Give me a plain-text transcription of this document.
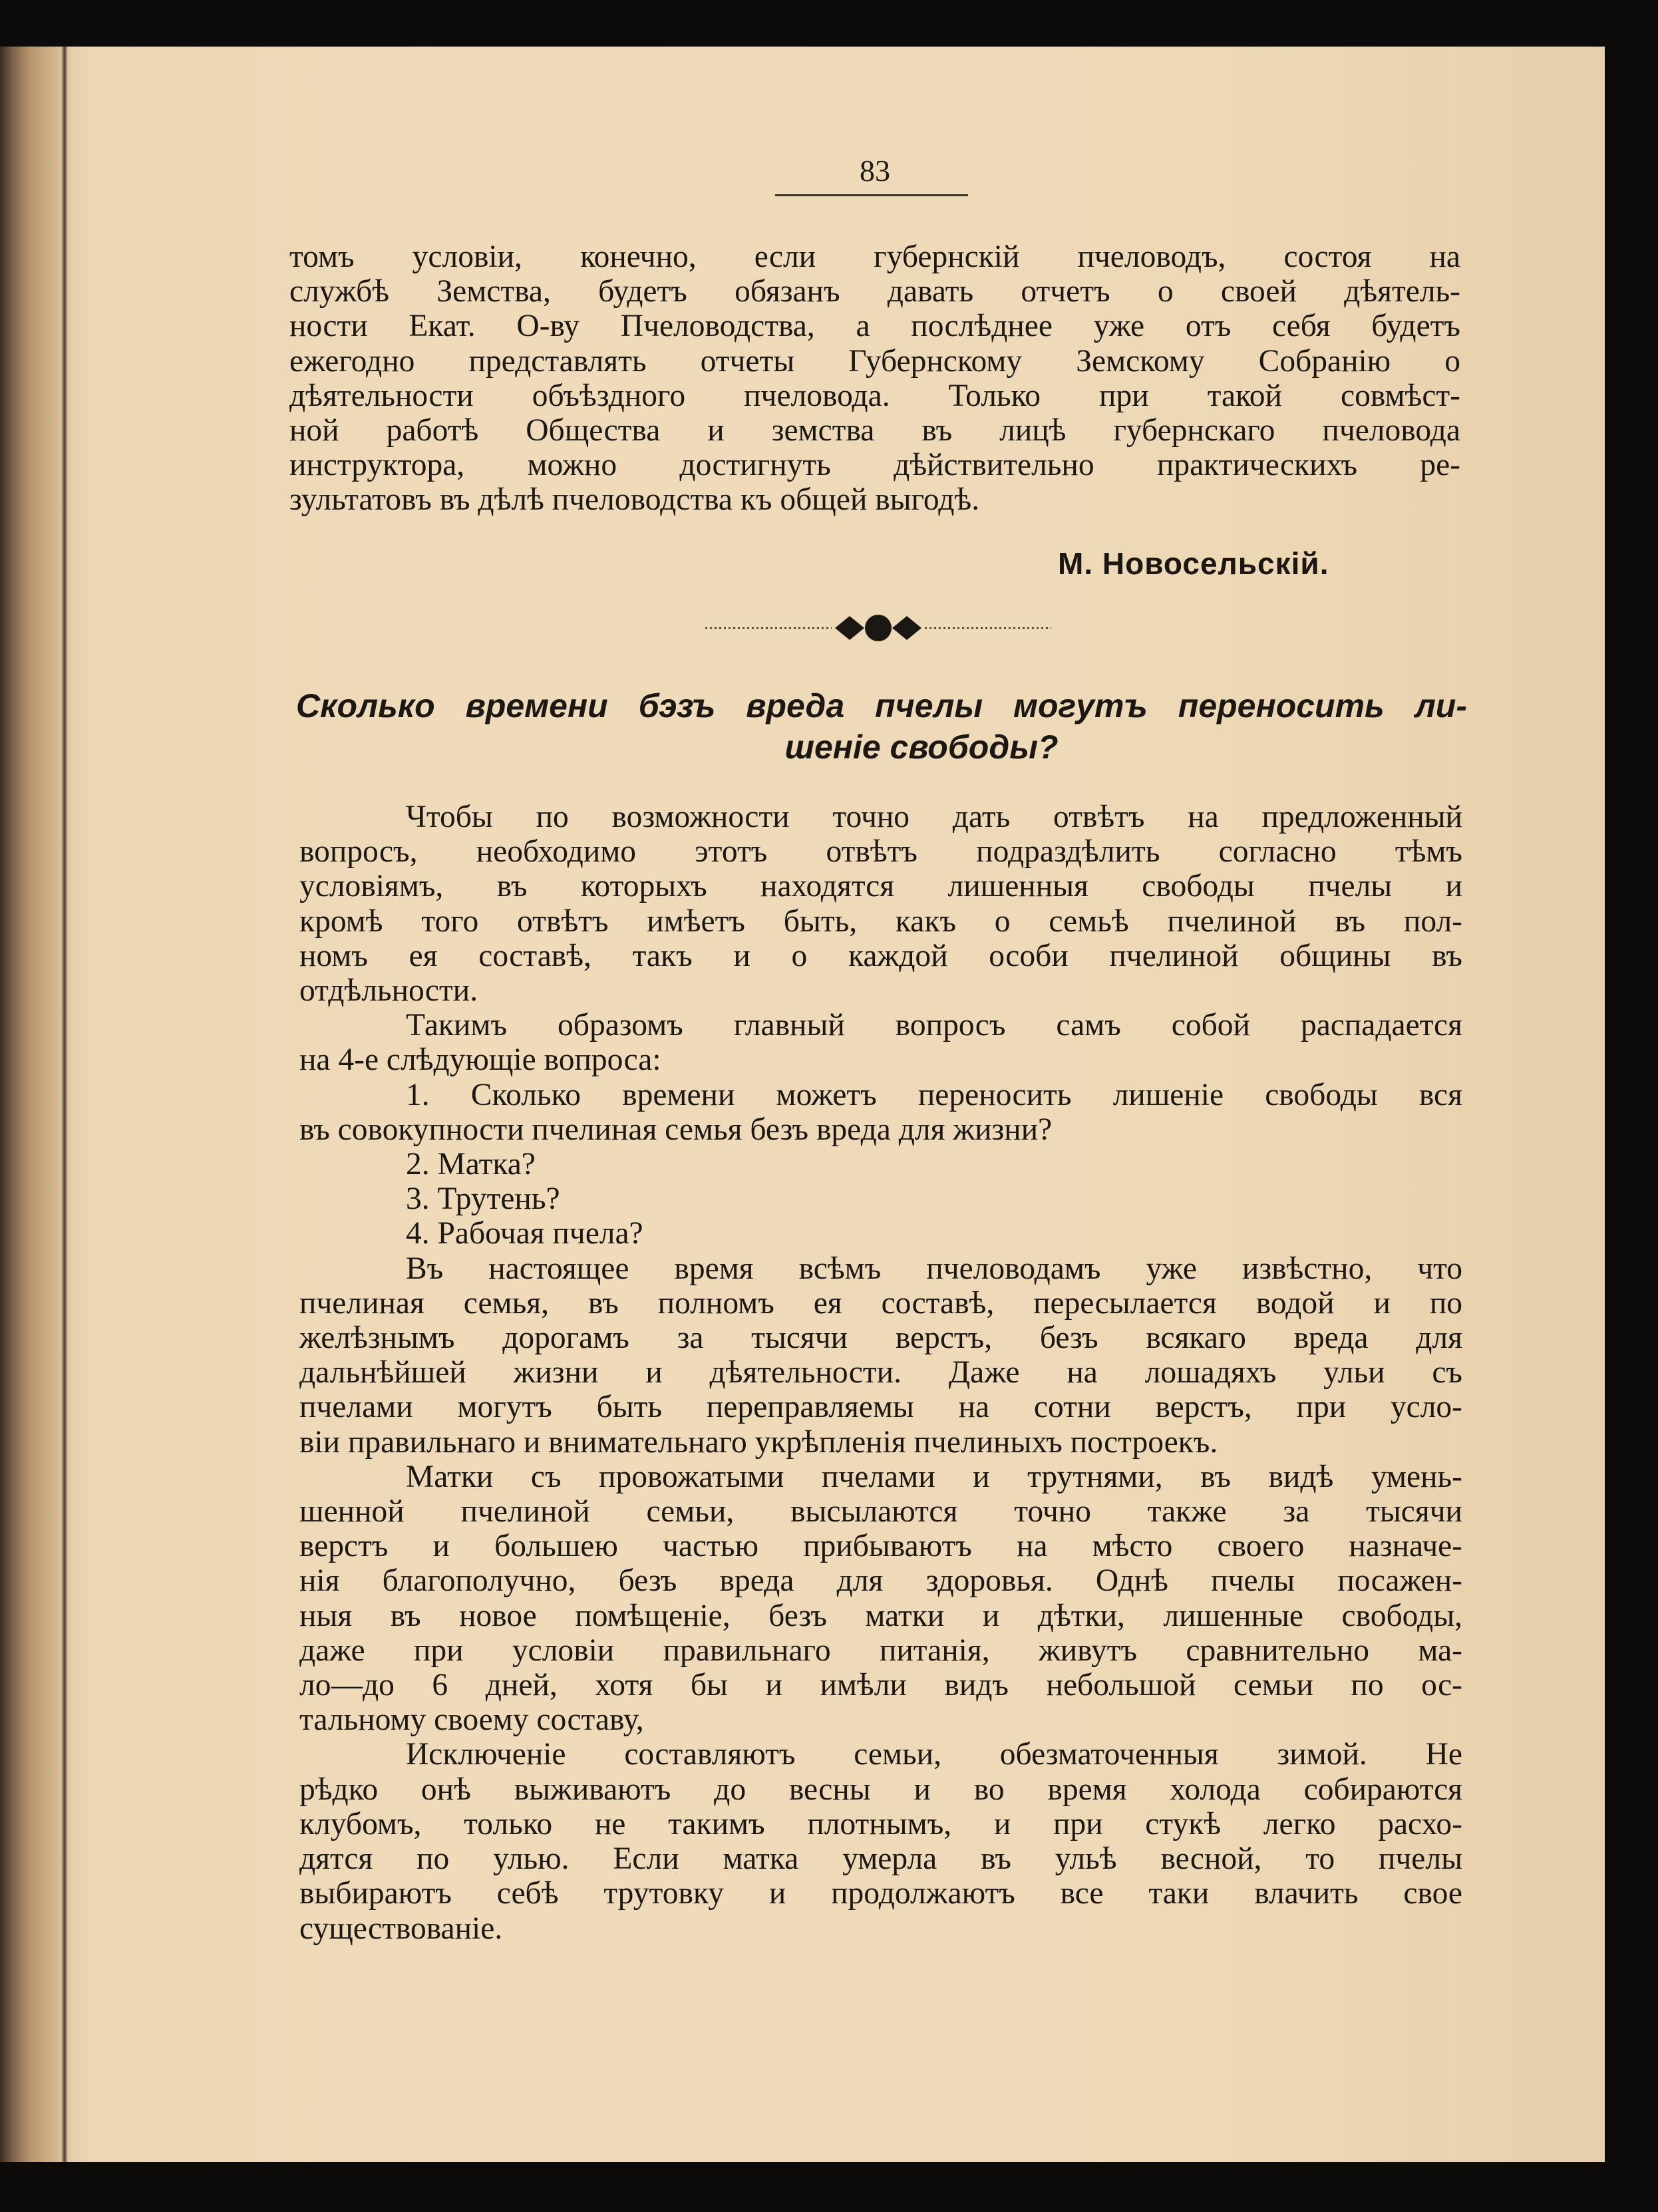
83

томъ условіи, конечно, если губернскій пчеловодъ, состоя на
службѣ Земства, будетъ обязанъ давать отчетъ о своей дѣятель-
ности Екат. О-ву Пчеловодства, а послѣднее уже отъ себя будетъ
ежегодно представлять отчеты Губернскому Земскому Собранію о
дѣятельности объѣздного пчеловода. Только при такой совмѣст-
ной работѣ Общества и земства въ лицѣ губернскаго пчеловода
инструктора, можно достигнуть дѣйствительно практическихъ ре-
зультатовъ въ дѣлѣ пчеловодства къ общей выгодѣ.

М. Новосельскій.
Сколько времени бэзъ вреда пчелы могутъ переносить ли-
шеніе свободы?

Чтобы по возможности точно дать отвѣтъ на предложенный
вопросъ, необходимо этотъ отвѣтъ подраздѣлить согласно тѣмъ
условіямъ, въ которыхъ находятся лишенныя свободы пчелы и
кромѣ того отвѣтъ имѣетъ быть, какъ о семьѣ пчелиной въ пол-
номъ ея составѣ, такъ и о каждой особи пчелиной общины въ
отдѣльности.

Такимъ образомъ главный вопросъ самъ собой распадается
на 4-е слѣдующіе вопроса:

1. Сколько времени можетъ переносить лишеніе свободы вся
въ совокупности пчелиная семья безъ вреда для жизни?

2. Матка?
3. Трутень?
4. Рабочая пчела?

Въ настоящее время всѣмъ пчеловодамъ уже извѣстно, что
пчелиная семья, въ полномъ ея составѣ, пересылается водой и по
желѣзнымъ дорогамъ за тысячи верстъ, безъ всякаго вреда для
дальнѣйшей жизни и дѣятельности. Даже на лошадяхъ ульи съ
пчелами могутъ быть переправляемы на сотни верстъ, при усло-
віи правильнаго и внимательнаго укрѣпленія пчелиныхъ построекъ.

Матки съ провожатыми пчелами и трутнями, въ видѣ умень-
шенной пчелиной семьи, высылаются точно также за тысячи
верстъ и большею частью прибываютъ на мѣсто своего назначе-
нія благополучно, безъ вреда для здоровья. Однѣ пчелы посажен-
ныя въ новое помѣщеніе, безъ матки и дѣтки, лишенные свободы,
даже при условіи правильнаго питанія, живутъ сравнительно ма-
ло—до 6 дней, хотя бы и имѣли видъ небольшой семьи по ос-
тальному своему составу,

Исключеніе составляютъ семьи, обезматоченныя зимой. Не
рѣдко онѣ выживаютъ до весны и во время холода собираются
клубомъ, только не такимъ плотнымъ, и при стукѣ легко расхо-
дятся по улью. Если матка умерла въ ульѣ весной, то пчелы
выбираютъ себѣ трутовку и продолжаютъ все таки влачить свое
существованіе.
